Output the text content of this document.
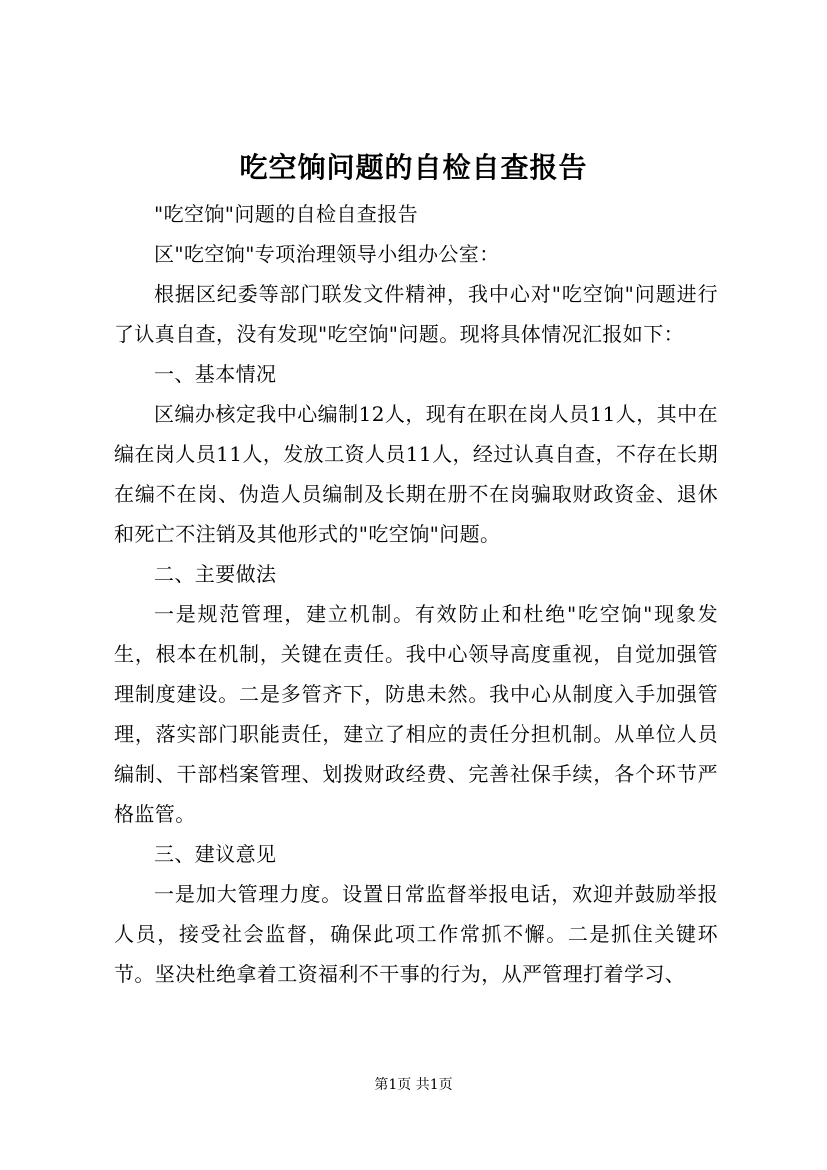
吃空饷问题的自检自查报告

"吃空饷"问题的自检自查报告

区"吃空饷"专项治理领导小组办公室：

根据区纪委等部门联发文件精神，我中心对"吃空饷"问题进行了认真自查，没有发现"吃空饷"问题。现将具体情况汇报如下：

一、基本情况

区编办核定我中心编制12人，现有在职在岗人员11人，其中在编在岗人员11人，发放工资人员11人，经过认真自查，不存在长期在编不在岗、伪造人员编制及长期在册不在岗骗取财政资金、退休和死亡不注销及其他形式的"吃空饷"问题。

二、主要做法

一是规范管理，建立机制。有效防止和杜绝"吃空饷"现象发生，根本在机制，关键在责任。我中心领导高度重视，自觉加强管理制度建设。二是多管齐下，防患未然。我中心从制度入手加强管理，落实部门职能责任，建立了相应的责任分担机制。从单位人员编制、干部档案管理、划拨财政经费、完善社保手续，各个环节严格监管。

三、建议意见

一是加大管理力度。设置日常监督举报电话，欢迎并鼓励举报人员，接受社会监督，确保此项工作常抓不懈。二是抓住关键环节。坚决杜绝拿着工资福利不干事的行为，从严管理打着学习、

第1页 共1页
